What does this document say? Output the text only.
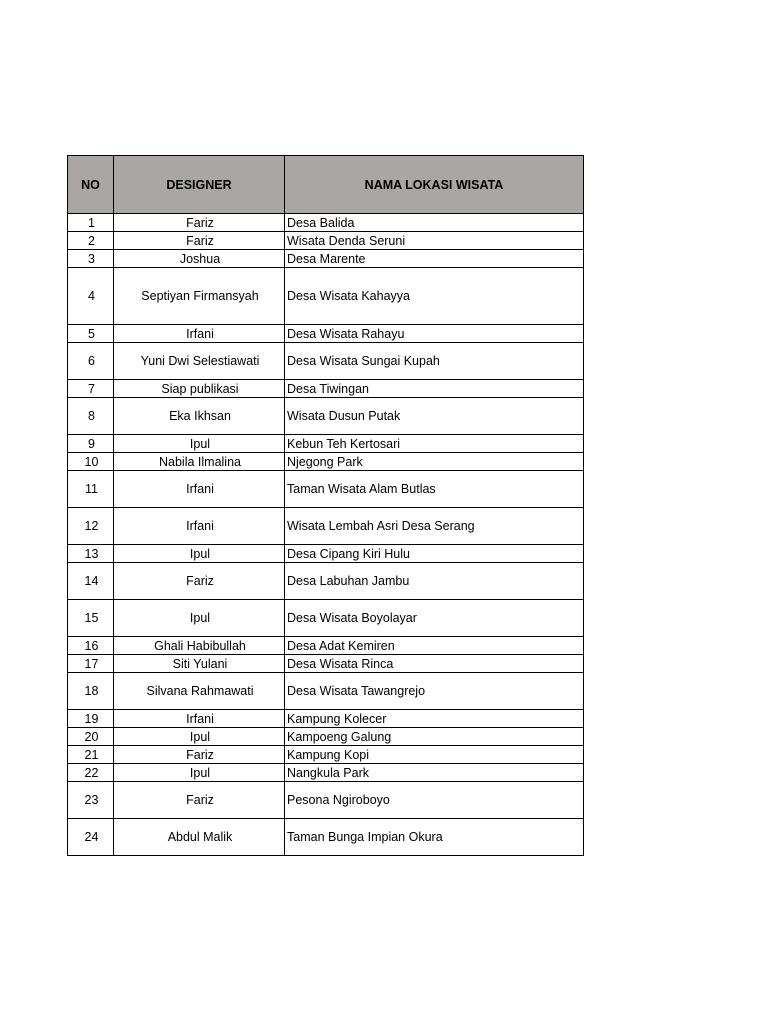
NO	DESIGNER	NAMA LOKASI WISATA
1	Fariz	Desa Balida
2	Fariz	Wisata Denda Seruni
3	Joshua	Desa Marente
4	Septiyan Firmansyah	Desa Wisata Kahayya
5	Irfani	Desa Wisata Rahayu
6	Yuni Dwi Selestiawati	Desa Wisata Sungai Kupah
7	Siap publikasi	Desa Tiwingan
8	Eka Ikhsan	Wisata Dusun Putak
9	Ipul	Kebun Teh Kertosari
10	Nabila Ilmalina	Njegong Park
11	Irfani	Taman Wisata Alam Butlas
12	Irfani	Wisata Lembah Asri Desa Serang
13	Ipul	Desa Cipang Kiri Hulu
14	Fariz	Desa Labuhan Jambu
15	Ipul	Desa Wisata Boyolayar
16	Ghali Habibullah	Desa Adat Kemiren
17	Siti Yulani	Desa Wisata Rinca
18	Silvana Rahmawati	Desa Wisata Tawangrejo
19	Irfani	Kampung Kolecer
20	Ipul	Kampoeng Galung
21	Fariz	Kampung Kopi
22	Ipul	Nangkula Park
23	Fariz	Pesona Ngiroboyo
24	Abdul Malik	Taman Bunga Impian Okura
